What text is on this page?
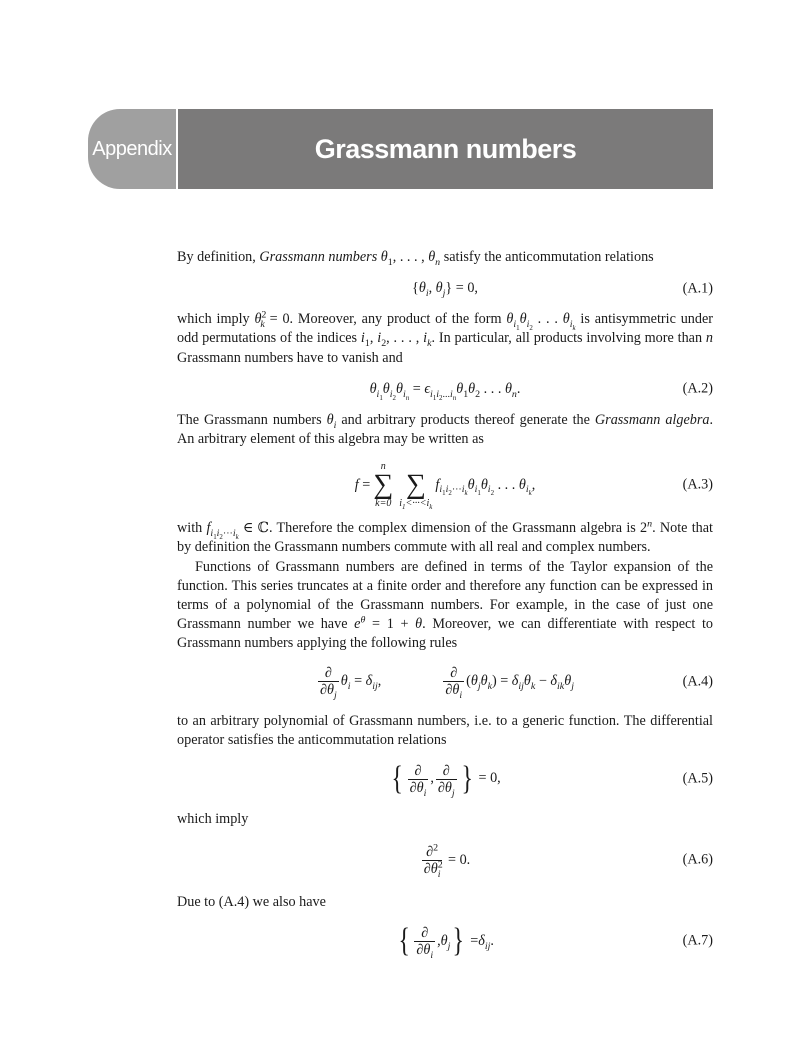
Appendix A
Grassmann numbers

By definition, Grassmann numbers $\theta_1$, . . . , $\theta_n$ satisfy the anticommutation relations

{$\theta_i$, $\theta_j\} = 0$,	(A.1)

which imply $\theta^2_k = 0$. Moreover, any product of the form $\theta_{i_1}\theta_{i_2}$ . . . $\theta_{i_k}$ is antisymmetric under odd permutations of the indices $i_1$, $i_2$, . . . , $i_k$. In particular, all products involving more than n Grassmann numbers have to vanish and

$\theta_{i_1}\theta_{i_2}\theta_{i_n} = \epsilon_{i_1i_2...i_n}\theta_1\theta_2$ . . . $\theta_n$.	(A.2)

The Grassmann numbers $\theta_i$ and arbitrary products thereof generate the Grassmann algebra. An arbitrary element of this algebra may be written as

f =
n
∑
k=0

∑
$i_1<\cdot\cdot\cdot<i_k$
$f_{i_1i_2\cdot\cdot\cdot i_k}\theta_{i_1}\theta_{i_2}$ . . . $\theta_{i_k}$,	(A.3)

with $f_{i_1i_2\cdot\cdot\cdot i_k}$ ∈ ℂ. Therefore the complex dimension of the Grassmann algebra is 2$^n$. Note that by definition the Grassmann numbers commute with all real and complex numbers.

Functions of Grassmann numbers are defined in terms of the Taylor expansion of the function. This series truncates at a finite order and therefore any function can be expressed in terms of a polynomial of the Grassmann numbers. For example, in the case of just one Grassmann number we have $e^\theta = 1 + \theta$. Moreover, we can differentiate with respect to Grassmann numbers applying the following rules

$\frac{\partial}{\partial\theta_j} \theta_i = \delta_{ij}$ ,	$\frac{\partial}{\partial\theta_i}$ ( $\theta_j\theta_k$ ) = $\delta_{ij}\theta_k - \delta_{ik}\theta_j$	(A.4)

to an arbitrary polynomial of Grassmann numbers, i.e. to a generic function. The differential operator satisfies the anticommutation relations

{ $\frac{\partial}{\partial\theta_i}$ , $\frac{\partial}{\partial\theta_j}$ } = 0,	(A.5)

which imply

$\frac{\partial^2}{\partial\theta^2_i} = 0$.	(A.6)

Due to (A.4) we also have

{ $\frac{\partial}{\partial\theta_i}$ , $\theta_j$ } = $\delta_{ij}$ .	(A.7)
